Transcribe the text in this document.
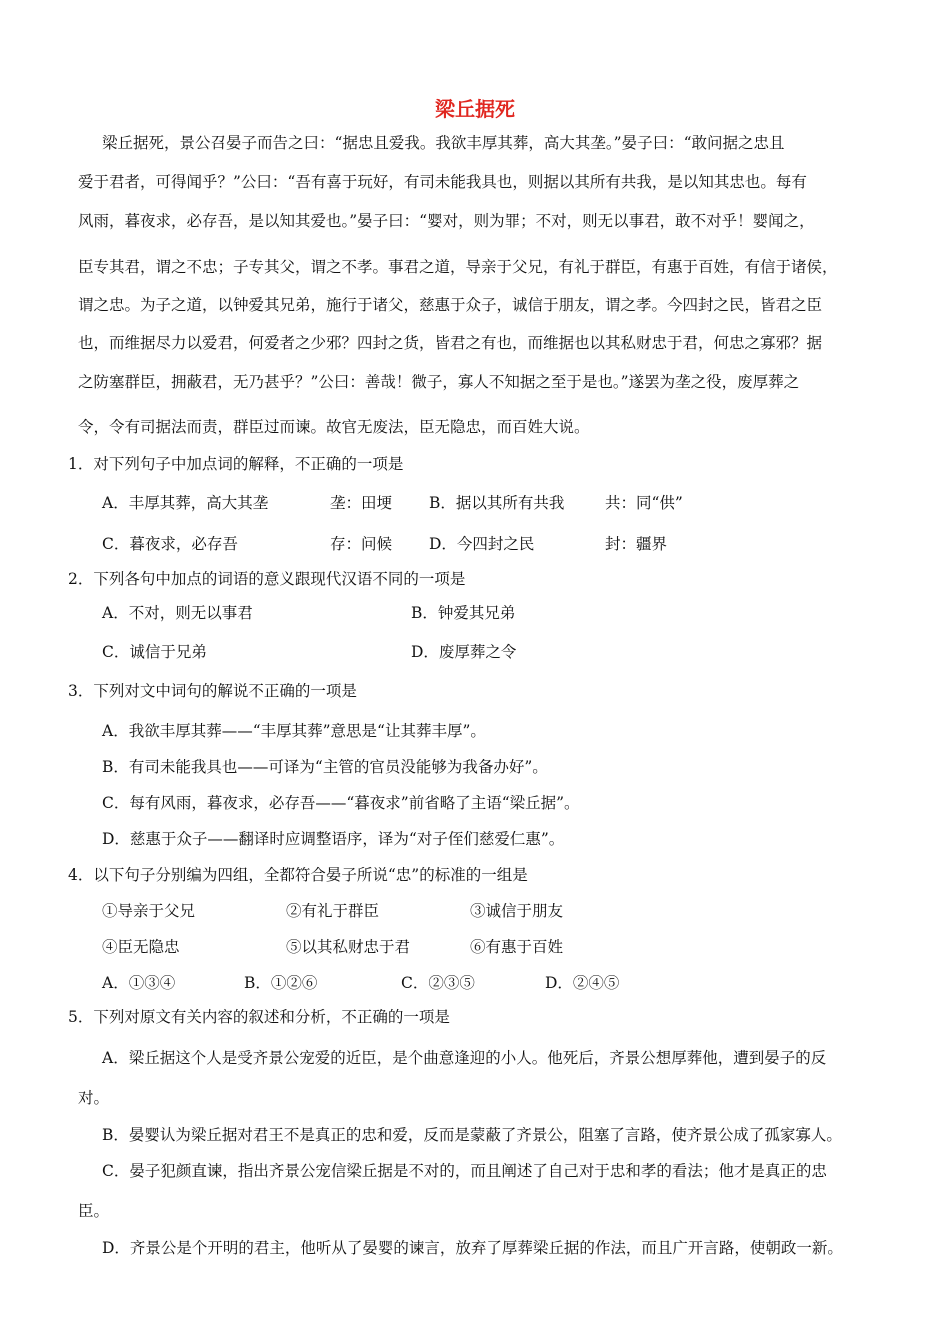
梁丘据死
梁丘据死，景公召晏子而告之曰：“据忠且爱我。我欲丰厚其葬，高大其垄。”晏子曰：“敢问据之忠且
爱于君者，可得闻乎？”公曰：“吾有喜于玩好，有司未能我具也，则据以其所有共我，是以知其忠也。每有
风雨，暮夜求，必存吾，是以知其爱也。”晏子曰：“婴对，则为罪；不对，则无以事君，敢不对乎！婴闻之，
臣专其君，谓之不忠；子专其父，谓之不孝。事君之道，导亲于父兄，有礼于群臣，有惠于百姓，有信于诸侯，
谓之忠。为子之道，以钟爱其兄弟，施行于诸父，慈惠于众子，诚信于朋友，谓之孝。今四封之民，皆君之臣
也，而维据尽力以爱君，何爱者之少邪？四封之货，皆君之有也，而维据也以其私财忠于君，何忠之寡邪？据
之防塞群臣，拥蔽君，无乃甚乎？”公曰：善哉！微子，寡人不知据之至于是也。”遂罢为垄之役，废厚葬之
令，令有司据法而责，群臣过而谏。故官无废法，臣无隐忠，而百姓大说。
1．对下列句子中加点词的解释，不正确的一项是
A．丰厚其葬，高大其垄	垄：田埂 B．据以其所有共我	共：同“供”
C．暮夜求，必存吾	存：问候 D．今四封之民	封：疆界
2．下列各句中加点的词语的意义跟现代汉语不同的一项是
A．不对，则无以事君	B．钟爱其兄弟
C．诚信于兄弟	D．废厚葬之令
3．下列对文中词句的解说不正确的一项是
A．我欲丰厚其葬——“丰厚其葬”意思是“让其葬丰厚”。
B．有司未能我具也——可译为“主管的官员没能够为我备办好”。
C．每有风雨，暮夜求，必存吾——“暮夜求”前省略了主语“梁丘据”。
D．慈惠于众子——翻译时应调整语序，译为“对子侄们慈爱仁惠”。
4．以下句子分别编为四组，全都符合晏子所说“忠”的标准的一组是
①导亲于父兄	②有礼于群臣	③诚信于朋友
④臣无隐忠	⑤以其私财忠于君	⑥有惠于百姓
A．①③④	B．①②⑥	C．②③⑤	D．②④⑤
5．下列对原文有关内容的叙述和分析，不正确的一项是
A．梁丘据这个人是受齐景公宠爱的近臣，是个曲意逢迎的小人。他死后，齐景公想厚葬他，遭到晏子的反
对。
B．晏婴认为梁丘据对君王不是真正的忠和爱，反而是蒙蔽了齐景公，阻塞了言路，使齐景公成了孤家寡人。
C．晏子犯颜直谏，指出齐景公宠信梁丘据是不对的，而且阐述了自己对于忠和孝的看法；他才是真正的忠
臣。
D．齐景公是个开明的君主，他听从了晏婴的谏言，放弃了厚葬梁丘据的作法，而且广开言路，使朝政一新。
